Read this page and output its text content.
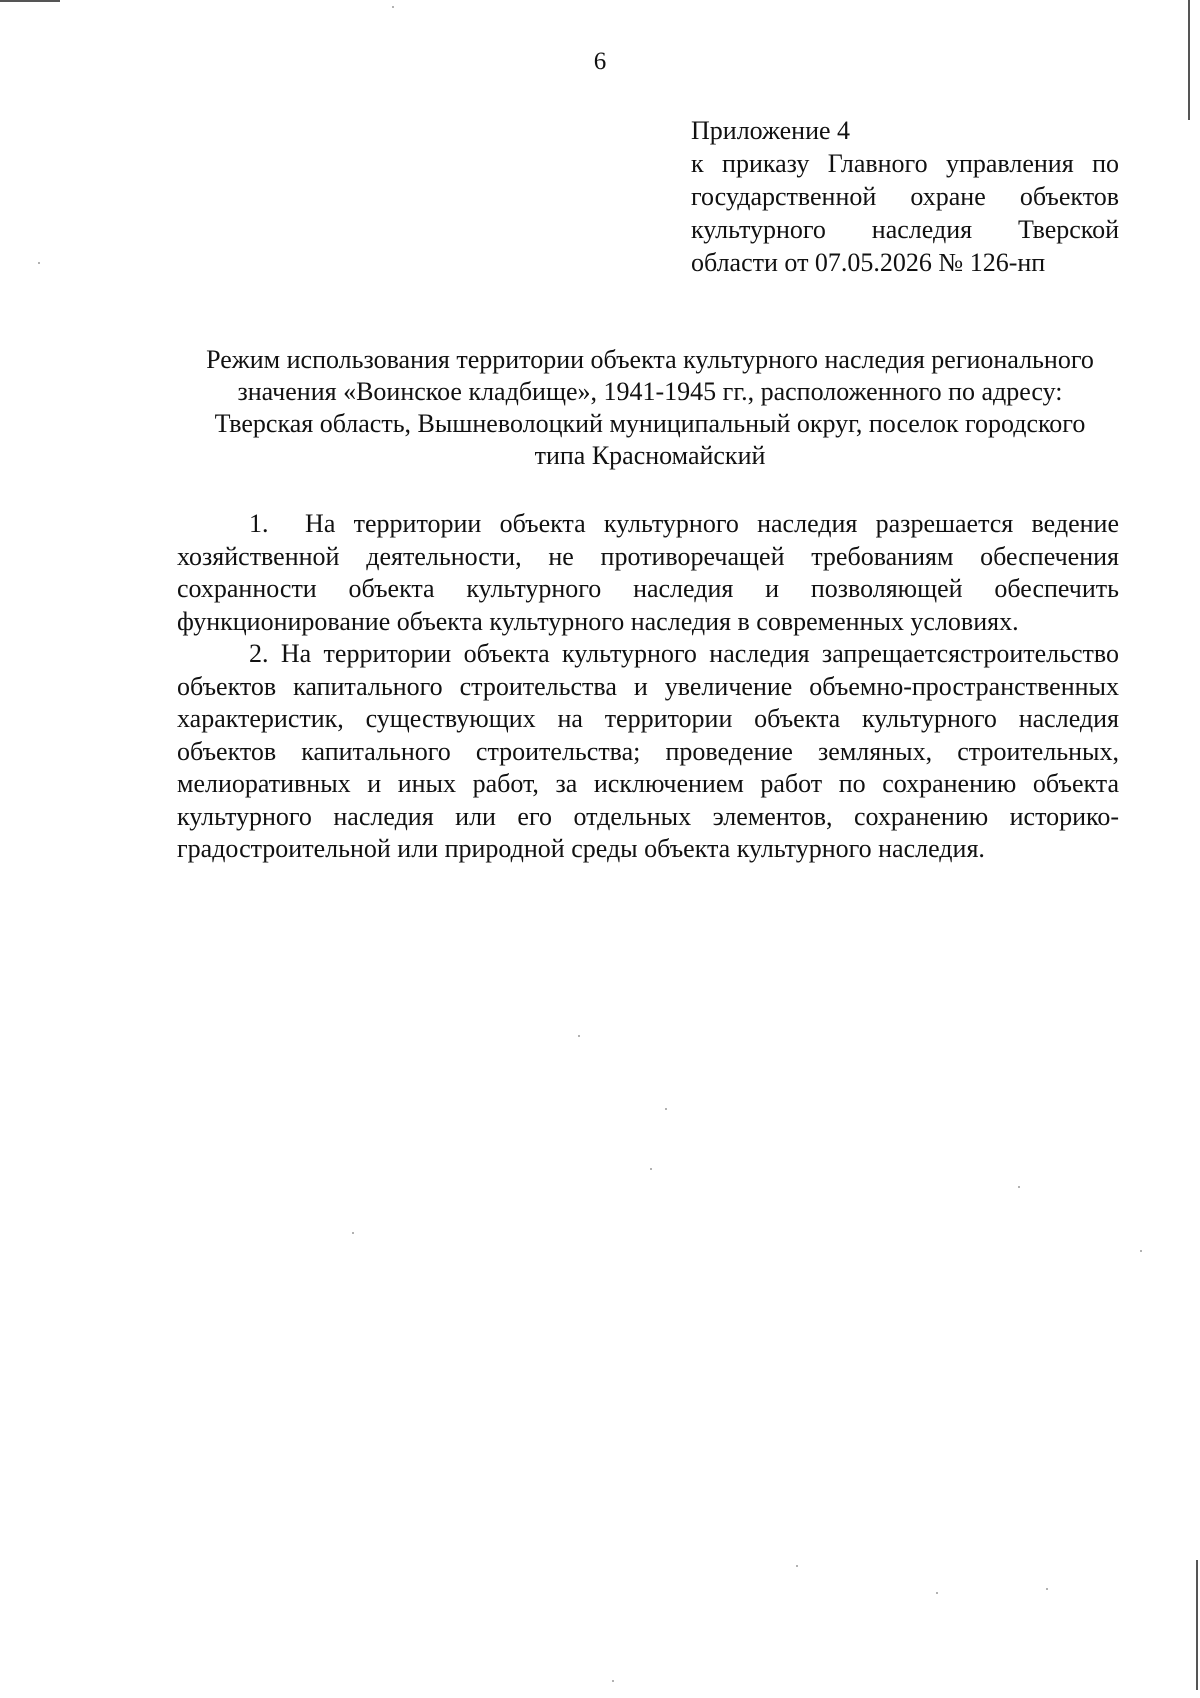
6
Приложение 4
к приказу Главного управления по государственной охране объектов культурного наследия Тверской области от 07.05.2026 № 126-нп
Режим использования территории объекта культурного наследия регионального значения «Воинское кладбище», 1941-1945 гг., расположенного по адресу: Тверская область, Вышневолоцкий муниципальный округ, поселок городского типа Красномайский

1. На территории объекта культурного наследия разрешается ведение хозяйственной деятельности, не противоречащей требованиям обеспечения сохранности объекта культурного наследия и позволяющей обеспечить функционирование объекта культурного наследия в современных условиях.

2. На территории объекта культурного наследия запрещаетсястроительство объектов капитального строительства и увеличение объемно-пространственных характеристик, существующих на территории объекта культурного наследия объектов капитального строительства; проведение земляных, строительных, мелиоративных и иных работ, за исключением работ по сохранению объекта культурного наследия или его отдельных элементов, сохранению историко-градостроительной или природной среды объекта культурного наследия.
